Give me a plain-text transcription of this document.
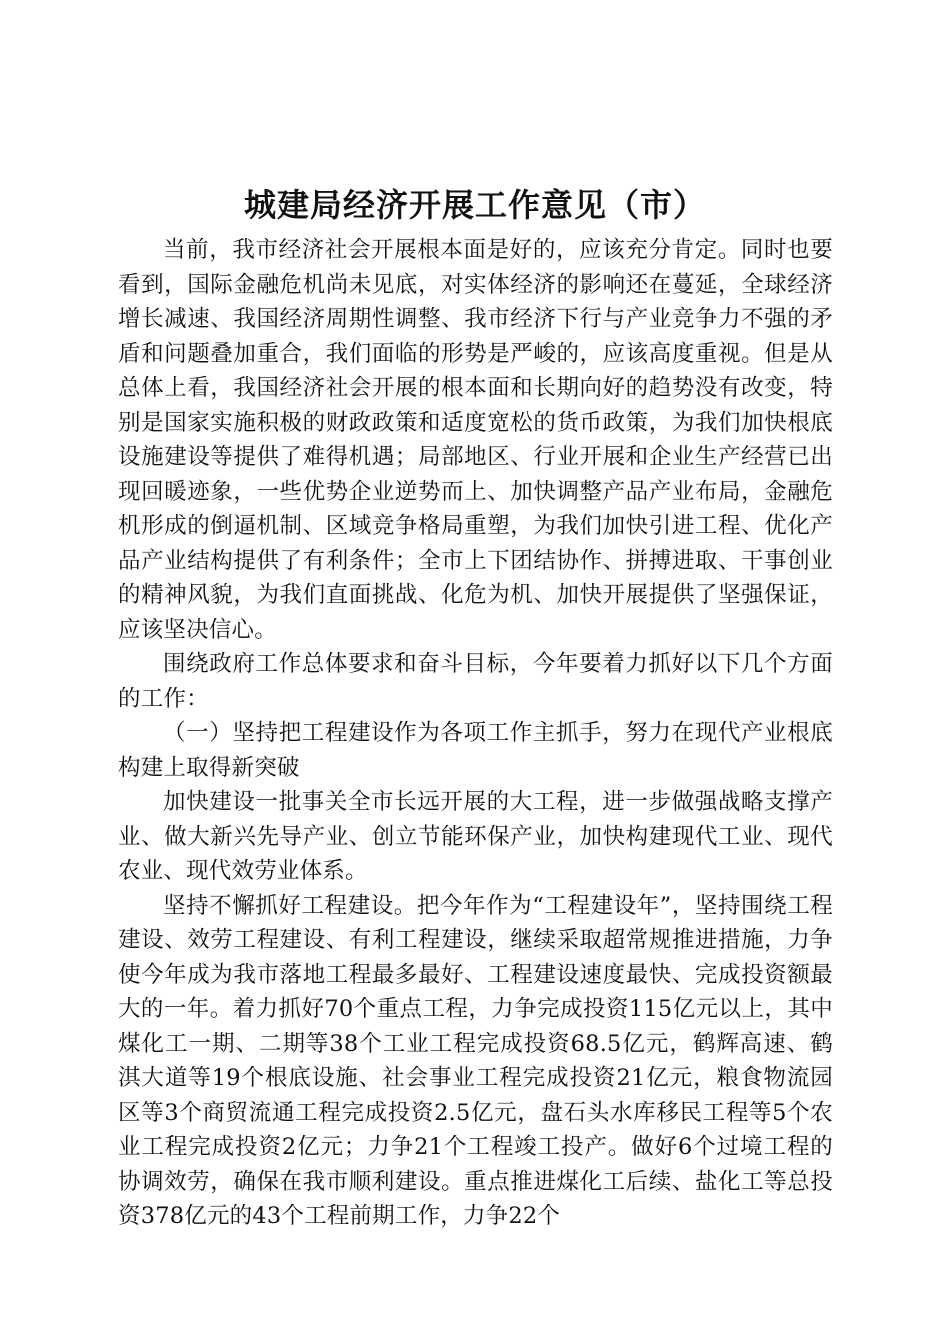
城建局经济开展工作意见（市）

当前，我市经济社会开展根本面是好的，应该充分肯定。同时也要看到，国际金融危机尚未见底，对实体经济的影响还在蔓延，全球经济增长减速、我国经济周期性调整、我市经济下行与产业竞争力不强的矛盾和问题叠加重合，我们面临的形势是严峻的，应该高度重视。但是从总体上看，我国经济社会开展的根本面和长期向好的趋势没有改变，特别是国家实施积极的财政政策和适度宽松的货币政策，为我们加快根底设施建设等提供了难得机遇；局部地区、行业开展和企业生产经营已出现回暖迹象，一些优势企业逆势而上、加快调整产品产业布局，金融危机形成的倒逼机制、区域竞争格局重塑，为我们加快引进工程、优化产品产业结构提供了有利条件；全市上下团结协作、拼搏进取、干事创业的精神风貌，为我们直面挑战、化危为机、加快开展提供了坚强保证，应该坚决信心。

围绕政府工作总体要求和奋斗目标，今年要着力抓好以下几个方面的工作：

（一）坚持把工程建设作为各项工作主抓手，努力在现代产业根底构建上取得新突破

加快建设一批事关全市长远开展的大工程，进一步做强战略支撑产业、做大新兴先导产业、创立节能环保产业，加快构建现代工业、现代农业、现代效劳业体系。

坚持不懈抓好工程建设。把今年作为“工程建设年”，坚持围绕工程建设、效劳工程建设、有利工程建设，继续采取超常规推进措施，力争使今年成为我市落地工程最多最好、工程建设速度最快、完成投资额最大的一年。着力抓好70个重点工程，力争完成投资115亿元以上，其中煤化工一期、二期等38个工业工程完成投资68.5亿元，鹤辉高速、鹤淇大道等19个根底设施、社会事业工程完成投资21亿元，粮食物流园区等3个商贸流通工程完成投资2.5亿元，盘石头水库移民工程等5个农业工程完成投资2亿元；力争21个工程竣工投产。做好6个过境工程的协调效劳，确保在我市顺利建设。重点推进煤化工后续、盐化工等总投资378亿元的43个工程前期工作，力争22个
